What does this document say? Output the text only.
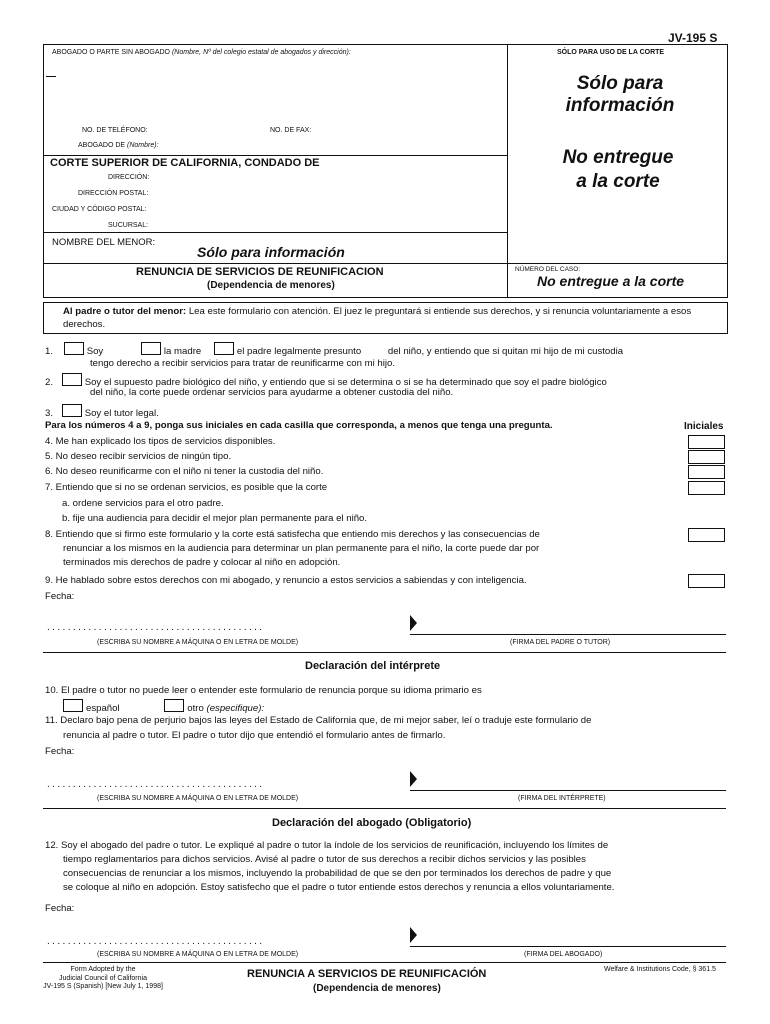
JV-195 S
ABOGADO O PARTE SIN ABOGADO (Nombre, Nº del colegio estatal de abogados y dirección):	SÓLO PARA USO DE LA CORTE
NO. DE TELÉFONO:	NO. DE FAX:
ABOGADO DE (Nombre):
Sólo para
información
No entregue
a la corte
CORTE SUPERIOR DE CALIFORNIA, CONDADO DE
DIRECCIÓN:
DIRECCIÓN POSTAL:
CIUDAD Y CÓDIGO POSTAL:
SUCURSAL:
NOMBRE DEL MENOR:
Sólo para información
RENUNCIA DE SERVICIOS DE REUNIFICACION
(Dependencia de menores)
NÚMERO DEL CASO:
No entregue a la corte
Al padre o tutor del menor: Lea este formulario con atención. El juez le preguntará si entiende sus derechos, y si renuncia voluntariamente a esos derechos.
1.	Soy	la madre	el padre legalmente presunto	del niño, y entiendo que si quitan mi hijo de mi custodia
tengo derecho a recibir servicios para tratar de reunificarme con mi hijo.
2.	Soy el supuesto padre biológico del niño, y entiendo que si se determina o si se ha determinado que soy el padre biológico
del niño, la corte puede ordenar servicios para ayudarme a obtener custodia del niño.
3.	Soy el tutor legal.
Para los números 4 a 9, ponga sus iniciales en cada casilla que corresponda, a menos que tenga una pregunta.	Iniciales
4. Me han explicado los tipos de servicios disponibles.
5. No deseo recibir servicios de ningún tipo.
6. No deseo reunificarme con el niño ni tener la custodia del niño.
7. Entiendo que si no se ordenan servicios, es posible que la corte
a. ordene servicios para el otro padre.
b. fije una audiencia para decidir el mejor plan permanente para el niño.
8. Entiendo que si firmo este formulario y la corte está satisfecha que entiendo mis derechos y las consecuencias de
renunciar a los mismos en la audiencia para determinar un plan permanente para el niño, la corte puede dar por
terminados mis derechos de padre y colocar al niño en adopción.
9. He hablado sobre estos derechos con mi abogado, y renuncio a estos servicios a sabiendas y con inteligencia.
Fecha:
..........................................
(ESCRIBA SU NOMBRE A MÁQUINA O EN LETRA DE MOLDE)	(FIRMA DEL PADRE O TUTOR)
Declaración del intérprete
10. El padre o tutor no puede leer o entender este formulario de renuncia porque su idioma primario es
español	otro (especifique):
11. Declaro bajo pena de perjurio bajos las leyes del Estado de California que, de mi mejor saber, leí o traduje este formulario de
renuncia al padre o tutor. El padre o tutor dijo que entendió el formulario antes de firmarlo.
Fecha:
..........................................
(ESCRIBA SU NOMBRE A MÁQUINA O EN LETRA DE MOLDE)	(FIRMA DEL INTÉRPRETE)
Declaración del abogado (Obligatorio)
12. Soy el abogado del padre o tutor. Le expliqué al padre o tutor la índole de los servicios de reunificación, incluyendo los límites de
tiempo reglamentarios para dichos servicios. Avisé al padre o tutor de sus derechos a recibir dichos servicios y las posibles
consecuencias de renunciar a los mismos, incluyendo la probabilidad de que se den por terminados los derechos de padre y que
se coloque al niño en adopción. Estoy satisfecho que el padre o tutor entiende estos derechos y renuncia a ellos voluntariamente.
Fecha:
..........................................
(ESCRIBA SU NOMBRE A MÁQUINA O EN LETRA DE MOLDE)	(FIRMA DEL ABOGADO)
Form Adopted by the
Judicial Council of California
JV-195 S (Spanish) [New July 1, 1998]
RENUNCIA A SERVICIOS DE REUNIFICACIÓN
(Dependencia de menores)
Welfare & Institutions Code, § 361.5
